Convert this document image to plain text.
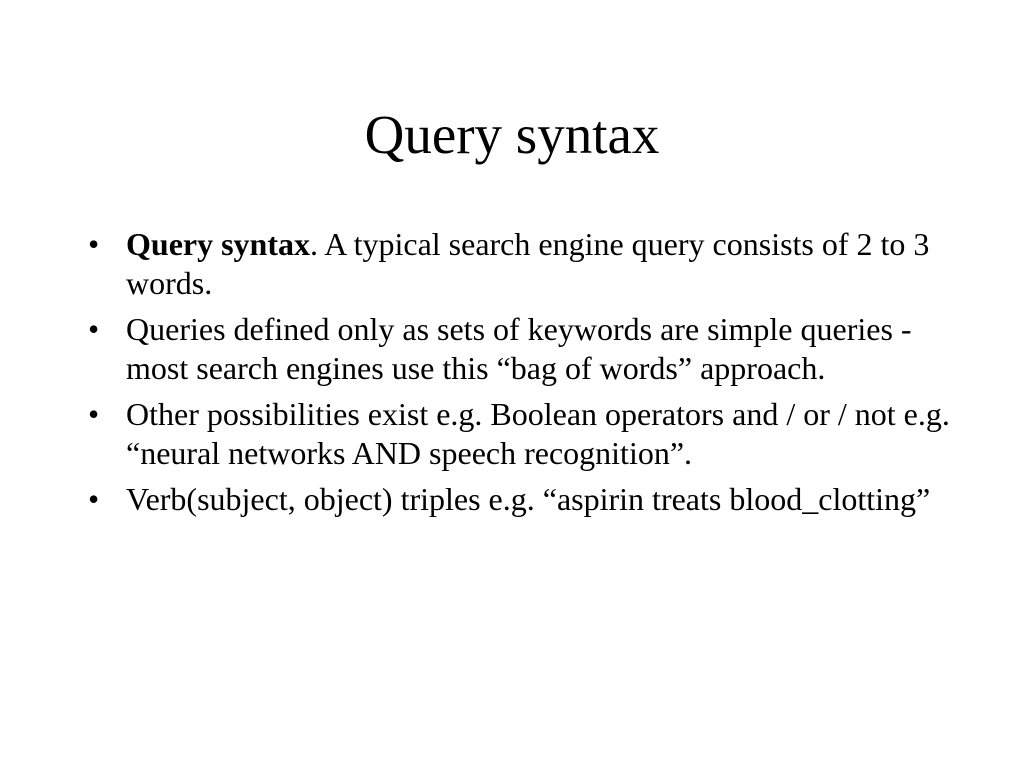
Query syntax
• Query syntax. A typical search engine query consists of 2 to 3 words.
• Queries defined only as sets of keywords are simple queries - most search engines use this “bag of words” approach.
• Other possibilities exist e.g. Boolean operators and / or / not e.g. “neural networks AND speech recognition”.
• Verb(subject, object) triples e.g. “aspirin treats blood_clotting”
